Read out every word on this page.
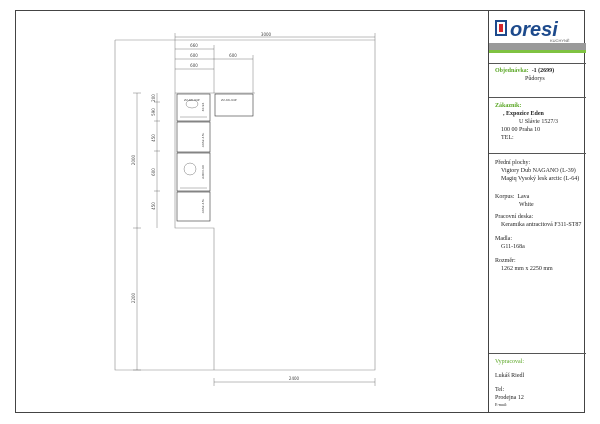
3000
660
600	600
600
2400
2000
2200
200
590
450
600
450
Z2-66-94P	Z2-66-94P
A6S2-45L
A2DO-60
A6S2-45L
40-94
oresi
KUCHYNĚ
Objednávka: -1 (2699)
Půdorys
Zákazník:
, Expozice Eden
U Slávie 1527/3
100 00 Praha 10
TEL:
Přední plochy:
Vigtory Dub NAGANO (L-39)
Magiq Vysoký lesk arctic (L-64)
Korpus: Lava
White
Pracovní deska:
Keramika antracitová F311-ST87
Madla:
G11-168a
Rozměr:
1262 mm x 2250 mm
Vypracoval:
Lukáš Riedl
Tel:
Prodejna 12
E-mail:
